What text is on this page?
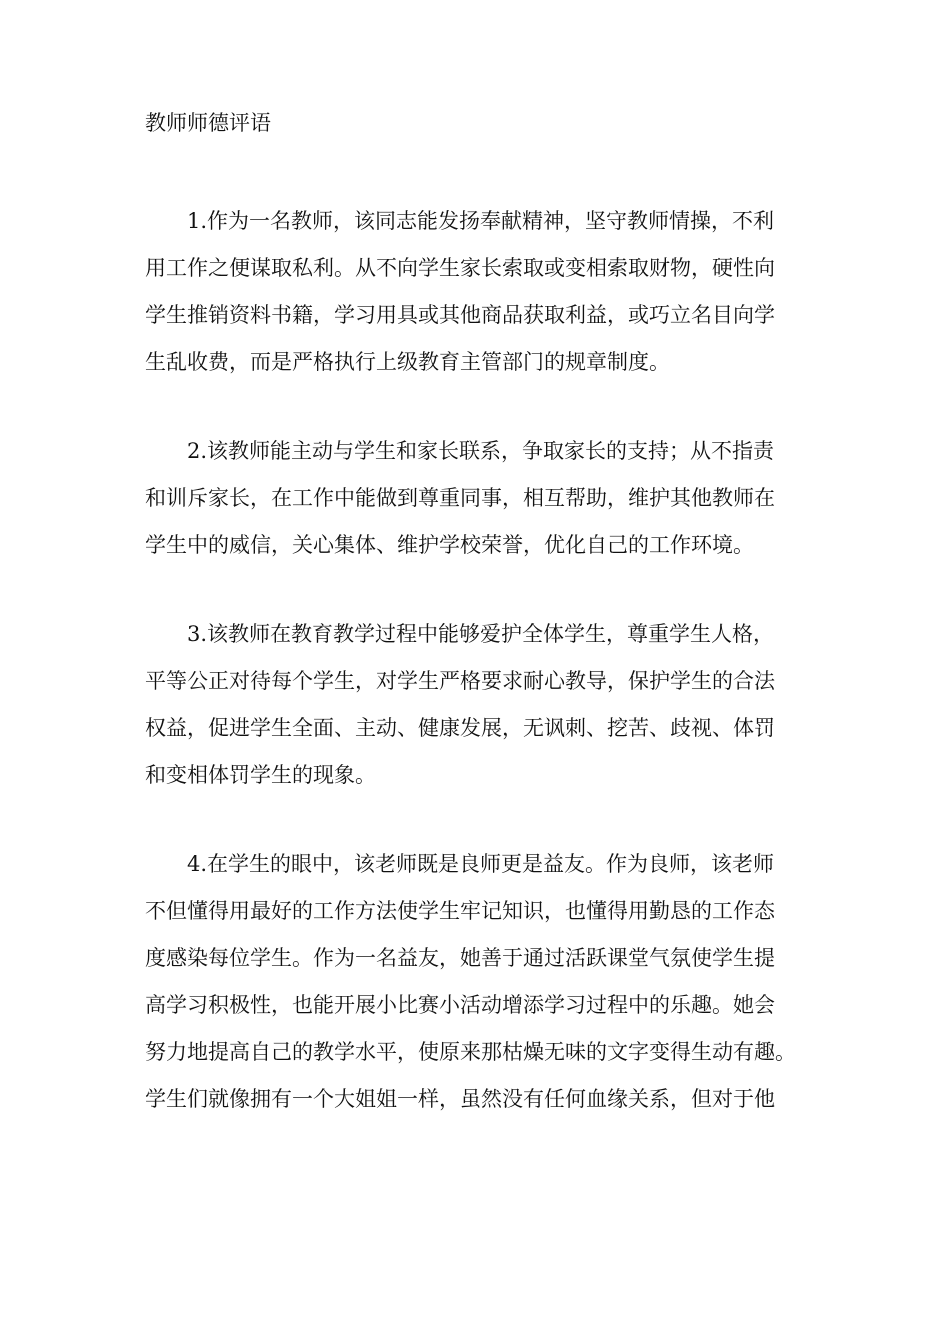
教师师德评语

1.作为一名教师，该同志能发扬奉献精神，坚守教师情操，不利
用工作之便谋取私利。从不向学生家长索取或变相索取财物，硬性向
学生推销资料书籍，学习用具或其他商品获取利益，或巧立名目向学
生乱收费，而是严格执行上级教育主管部门的规章制度。

2.该教师能主动与学生和家长联系，争取家长的支持；从不指责
和训斥家长，在工作中能做到尊重同事，相互帮助，维护其他教师在
学生中的威信，关心集体、维护学校荣誉，优化自己的工作环境。

3.该教师在教育教学过程中能够爱护全体学生，尊重学生人格，
平等公正对待每个学生，对学生严格要求耐心教导，保护学生的合法
权益，促进学生全面、主动、健康发展，无讽刺、挖苦、歧视、体罚
和变相体罚学生的现象。

4.在学生的眼中，该老师既是良师更是益友。作为良师，该老师
不但懂得用最好的工作方法使学生牢记知识，也懂得用勤恳的工作态
度感染每位学生。作为一名益友，她善于通过活跃课堂气氛使学生提
高学习积极性，也能开展小比赛小活动增添学习过程中的乐趣。她会
努力地提高自己的教学水平，使原来那枯燥无味的文字变得生动有趣。
学生们就像拥有一个大姐姐一样，虽然没有任何血缘关系，但对于他
